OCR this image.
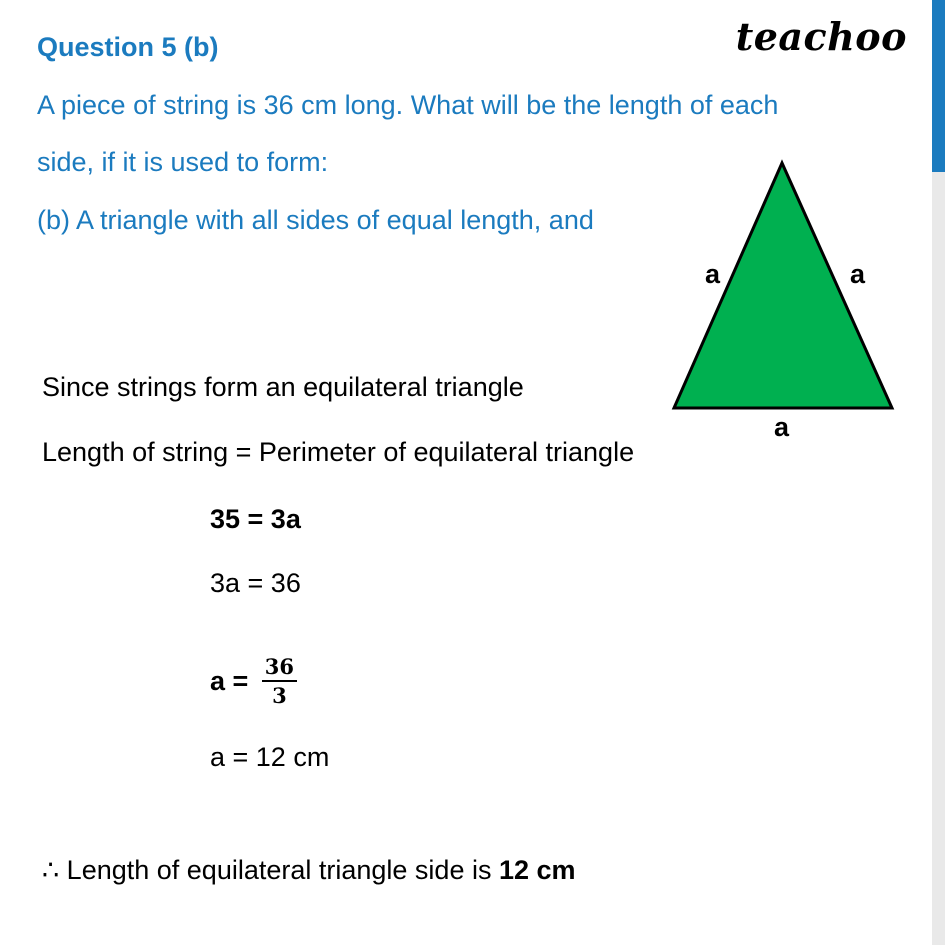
Question 5 (b)	teachoo
A piece of string is 36 cm long. What will be the length of each
side, if it is used to form:
(b) A triangle with all sides of equal length, and
a	a
a
Since strings form an equilateral triangle
Length of string = Perimeter of equilateral triangle
35 = 3a
3a = 36
$a = \frac{36}{3}$
a = 12 cm
∴ Length of equilateral triangle side is 12 cm
